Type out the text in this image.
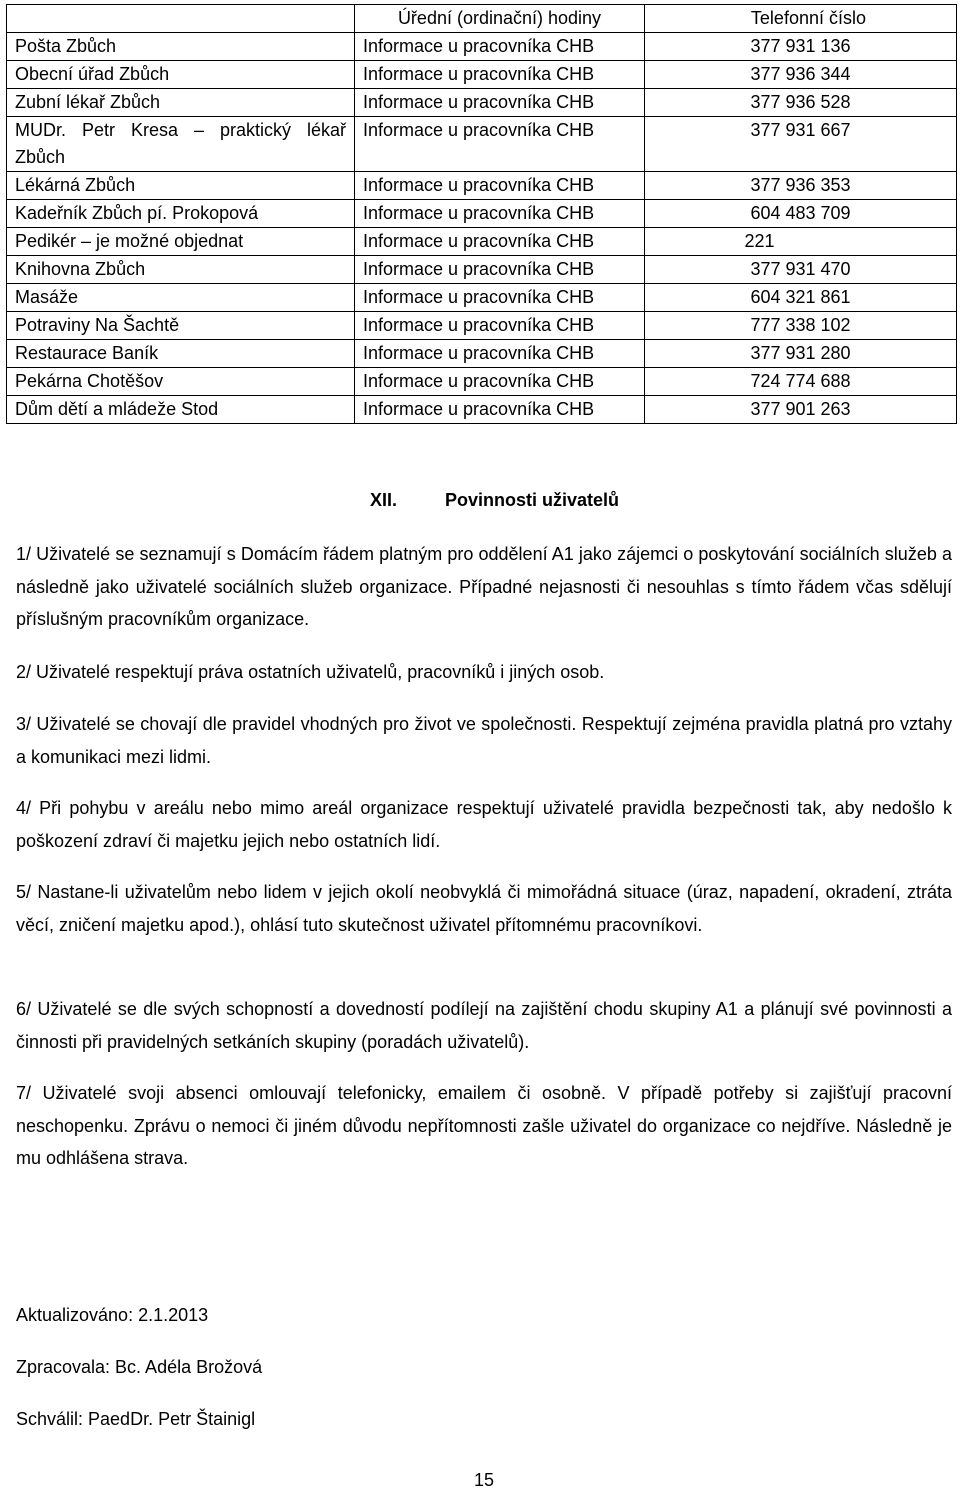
	Úřední (ordinační) hodiny	Telefonní číslo
Pošta Zbůch	Informace u pracovníka CHB	377 931 136
Obecní úřad Zbůch	Informace u pracovníka CHB	377 936 344
Zubní lékař Zbůch	Informace u pracovníka CHB	377 936 528
MUDr. Petr Kresa – praktický lékař Zbůch	Informace u pracovníka CHB	377 931 667
Lékárná Zbůch	Informace u pracovníka CHB	377 936 353
Kadeřník Zbůch pí. Prokopová	Informace u pracovníka CHB	604 483 709
Pedikér – je možné objednat	Informace u pracovníka CHB	221
Knihovna Zbůch	Informace u pracovníka CHB	377 931 470
Masáže	Informace u pracovníka CHB	604 321 861
Potraviny Na Šachtě	Informace u pracovníka CHB	777 338 102
Restaurace Baník	Informace u pracovníka CHB	377 931 280
Pekárna Chotěšov	Informace u pracovníka CHB	724 774 688
Dům dětí a mládeže Stod	Informace u pracovníka CHB	377 901 263
XII.	Povinnosti uživatelů
1/ Uživatelé se seznamují s Domácím řádem platným pro oddělení A1 jako zájemci o poskytování sociálních služeb a následně jako uživatelé sociálních služeb organizace. Případné nejasnosti či nesouhlas s tímto řádem včas sdělují příslušným pracovníkům organizace.
2/ Uživatelé respektují práva ostatních uživatelů, pracovníků i jiných osob.
3/ Uživatelé se chovají dle pravidel vhodných pro život ve společnosti. Respektují zejména pravidla platná pro vztahy a komunikaci mezi lidmi.
4/ Při pohybu v areálu nebo mimo areál organizace respektují uživatelé pravidla bezpečnosti tak, aby nedošlo k poškození zdraví či majetku jejich nebo ostatních lidí.
5/ Nastane-li uživatelům nebo lidem v jejich okolí neobvyklá či mimořádná situace (úraz, napadení, okradení, ztráta věcí, zničení majetku apod.), ohlásí tuto skutečnost uživatel přítomnému pracovníkovi.
6/ Uživatelé se dle svých schopností a dovedností podílejí na zajištění chodu skupiny A1 a plánují své povinnosti a činnosti při pravidelných setkáních skupiny (poradách uživatelů).
7/ Uživatelé svoji absenci omlouvají telefonicky, emailem či osobně. V případě potřeby si zajišťují pracovní neschopenku. Zprávu o nemoci či jiném důvodu nepřítomnosti zašle uživatel do organizace co nejdříve. Následně je mu odhlášena strava.
Aktualizováno: 2.1.2013
Zpracovala: Bc. Adéla Brožová
Schválil: PaedDr. Petr Štainigl
15
